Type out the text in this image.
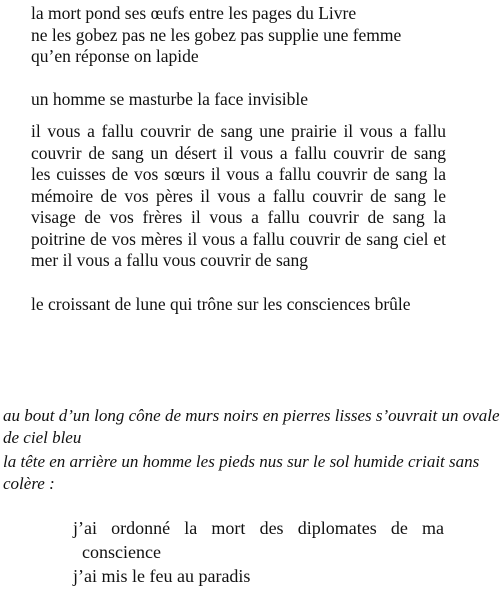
la mort pond ses œufs entre les pages du Livre
ne les gobez pas ne les gobez pas supplie une femme
qu’en réponse on lapide
un homme se masturbe la face invisible
il vous a fallu couvrir de sang une prairie il vous a fallu
couvrir de sang un désert il vous a fallu couvrir de sang
les cuisses de vos sœurs il vous a fallu couvrir de sang la
mémoire de vos pères il vous a fallu couvrir de sang le
visage de vos frères il vous a fallu couvrir de sang la
poitrine de vos mères il vous a fallu couvrir de sang ciel et
mer il vous a fallu vous couvrir de sang
le croissant de lune qui trône sur les consciences brûle
au bout d’un long cône de murs noirs en pierres lisses s’ouvrait un ovale
de ciel bleu
la tête en arrière un homme les pieds nus sur le sol humide criait sans
colère :
j’ai ordonné la mort des diplomates de ma
conscience
j’ai mis le feu au paradis
